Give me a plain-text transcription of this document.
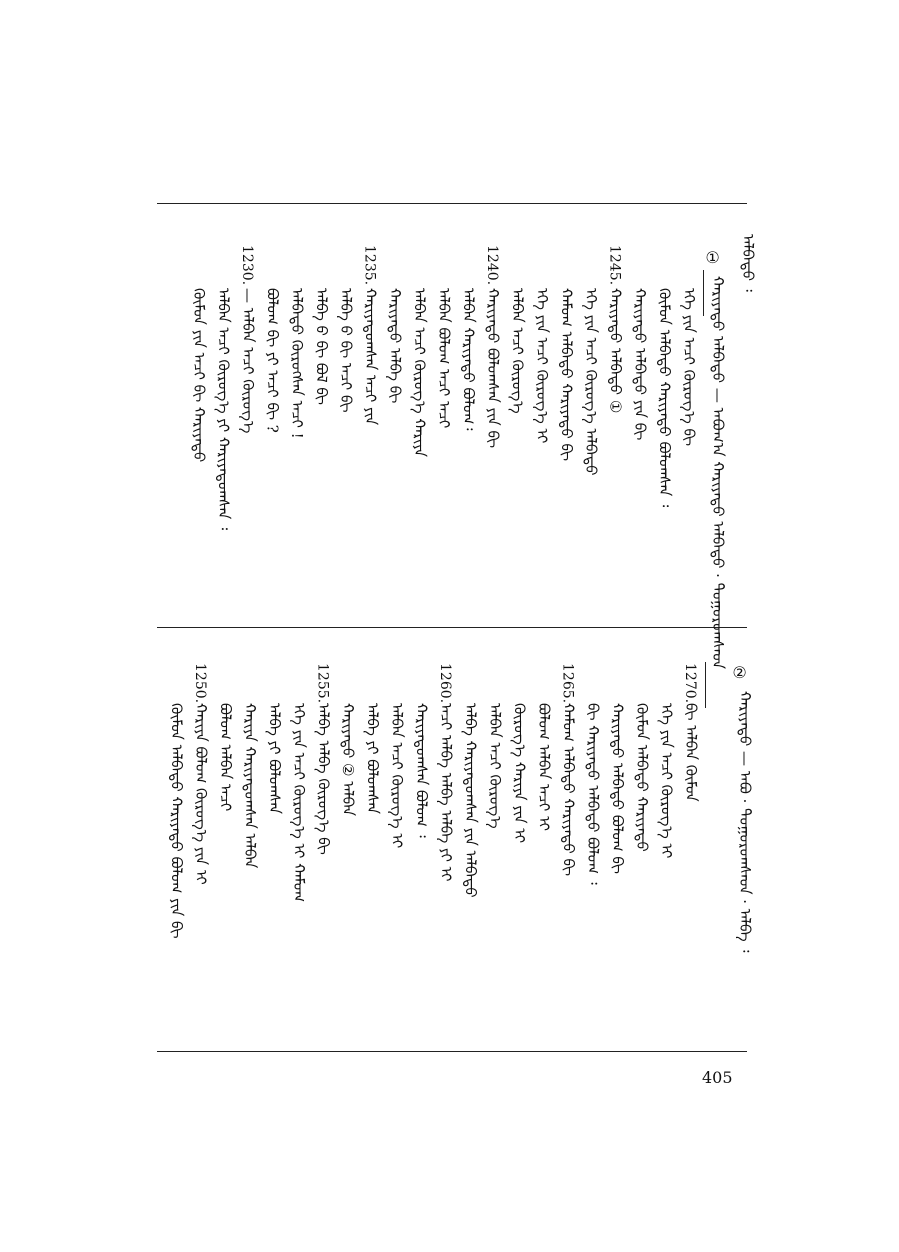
①
ᠬᠠᠷᠢᠶᠠᠲᠤ ᠠᠯᠪᠠᠲᠤ — ᠠᠪᠤᠭ᠎ᠠ ᠬᠠᠷᠢᠶᠠᠲᠤ ᠠᠯᠪᠠᠲᠤ · ᠳᠤᠭᠤᠷᠤᠭᠰᠠᠳ
ᠠᠯᠪᠠᠲᠤ ᠄
ᠡᠬᠡ ᠶᠢᠨ ᠠᠴᠢ ᠬᠦᠷᠦᠭ᠎ᠡ ᠪᠢ
ᠬᠦᠮᠦᠨ ᠠᠯᠪᠠᠲᠤ ᠬᠠᠷᠢᠶᠠᠲᠤ ᠪᠣᠯᠤᠭᠰᠠᠨ ᠄
ᠬᠠᠷᠢᠶᠠᠲᠤ ᠠᠯᠪᠠᠲᠤ ᠶᠢᠨ ᠪᠢ
1245.
ᠬᠠᠷᠢᠶᠠᠲᠤ ᠠᠯᠪᠠᠲᠤ ①
ᠡᠬᠡ ᠶᠢᠨ ᠠᠴᠢ ᠬᠦᠷᠦᠭ᠎ᠡ ᠠᠯᠪᠠᠲᠤ
ᠬᠠᠮᠤᠭ ᠠᠯᠪᠠᠲᠤ ᠬᠠᠷᠢᠶᠠᠲᠤ ᠪᠢ
ᠡᠬᠡ ᠶᠢᠨ ᠠᠴᠢ ᠬᠦᠷᠦᠭ᠎ᠡ ᠢ
ᠠᠯᠪᠠᠨ ᠠᠴᠢ ᠬᠦᠷᠦᠭ᠎ᠡ
1240.
ᠬᠠᠷᠢᠶᠠᠲᠤ ᠪᠣᠯᠤᠭᠰᠠᠨ ᠶᠢᠨ ᠪᠢ
ᠠᠯᠪᠠᠨ ᠬᠠᠷᠢᠶᠠᠲᠤ ᠪᠣᠯᠤᠭ᠄
ᠠᠯᠪᠠᠨ ᠪᠣᠯᠤᠭ ᠠᠴᠢ ᠠᠴᠢ
ᠠᠯᠪᠠᠨ ᠠᠴᠢ ᠬᠦᠷᠦᠭ᠎ᠡ ᠬᠠᠷᠢᠶᠠ
ᠬᠠᠷᠢᠶᠠᠲᠤ ᠠᠯᠪᠠ ᠪᠢ
1235.
ᠬᠠᠷᠢᠶᠠᠲᠤᠭᠰᠠᠨ ᠠᠴᠢ ᠶᠢᠨ
ᠠᠯᠪᠠ ᠪ ᠪᠢ ᠠᠴᠢ ᠪᠢ
ᠠᠯᠪᠠ ᠪ ᠪᠢ ᠪᠣᠯ ᠪᠢ
ᠠᠯᠪᠠᠲᠤ ᠬᠦᠷᠦᠭᠰᠡᠨ ᠠᠴᠢ !
ᠪᠣᠯᠤᠭ ᠪᠢ ᠶᠢ ᠠᠴᠢ ᠪᠢ ?
1230.
— ᠠᠯᠪᠠᠨ ᠠᠴᠢ ᠬᠦᠷᠦᠭ᠎ᠡ
ᠠᠯᠪᠠᠨ ᠠᠴᠢ ᠬᠦᠷᠦᠭ᠎ᠡ ᠶᠢ ᠬᠠᠷᠢᠶᠠᠲᠤᠭᠰᠠᠨ ᠄
ᠬᠦᠮᠦᠨ ᠶᠢᠨ ᠠᠴᠢ ᠪᠢ ᠬᠠᠷᠢᠶᠠᠲᠤ
②
ᠬᠠᠷᠢᠶᠠᠲᠤ — ᠠᠪᠤ · ᠳᠤᠭᠤᠷᠤᠭᠰᠠᠳ · ᠠᠯᠪᠠ ᠄
1270.
ᠪᠢ ᠠᠯᠪᠠᠨ ᠬᠦᠮᠦᠨ
ᠡᠬᠡ ᠶᠢᠨ ᠠᠴᠢ ᠬᠦᠷᠦᠭ᠎ᠡ ᠢ
ᠬᠦᠮᠦᠨ ᠠᠯᠪᠠᠲᠤ ᠬᠠᠷᠢᠶᠠᠲᠤ
ᠬᠠᠷᠢᠶᠠᠲᠤ ᠠᠯᠪᠠᠲᠤ ᠪᠣᠯᠤᠭ ᠪᠢ
ᠪᠢ ᠬᠠᠷᠢᠶᠠᠲᠤ ᠠᠯᠪᠠᠲᠤ ᠪᠣᠯᠤᠭ ᠄
1265.
ᠬᠠᠮᠤᠭ ᠠᠯᠪᠠᠲᠤ ᠬᠠᠷᠢᠶᠠᠲᠤ ᠪᠢ
ᠪᠣᠯᠤᠭ ᠠᠯᠪᠠᠨ ᠠᠴᠢ ᠢ
ᠬᠦᠷᠦᠭ᠎ᠡ ᠬᠠᠷᠢᠶᠠ ᠶᠢᠨ ᠢ
ᠠᠯᠪᠠᠨ ᠠᠴᠢ ᠬᠦᠷᠦᠭ᠎ᠡ
ᠠᠯᠪᠠ ᠬᠠᠷᠢᠶᠠᠲᠤᠭᠰᠠᠨ ᠶᠢᠨ ᠠᠯᠪᠠᠲᠤ
1260.
ᠠᠴᠢ ᠠᠯᠪᠠ ᠠᠯᠪᠠ ᠠᠯᠪᠠ ᠶᠢ ᠢ
ᠬᠠᠷᠢᠶᠠᠲᠤᠭᠰᠠᠨ ᠪᠣᠯᠤᠭ ᠄
ᠠᠯᠪᠠᠨ ᠠᠴᠢ ᠬᠦᠷᠦᠭ᠎ᠡ ᠢ
ᠠᠯᠪᠠ ᠶᠢ ᠪᠣᠯᠤᠭᠰᠠᠨ
ᠬᠠᠷᠢᠶᠠᠲᠤ ② ᠠᠯᠪᠠᠨ
1255.
ᠠᠯᠪᠠ ᠠᠯᠪᠠ ᠬᠦᠷᠦᠭ᠎ᠡ ᠪᠢ
ᠡᠬᠡ ᠶᠢᠨ ᠠᠴᠢ ᠬᠦᠷᠦᠭ᠎ᠡ ᠢ ᠬᠠᠮᠤᠭ
ᠠᠯᠪᠠ ᠶᠢ ᠪᠣᠯᠤᠭᠰᠠᠨ
ᠬᠠᠷᠢᠶᠠ ᠬᠠᠷᠢᠶᠠᠲᠤᠭᠰᠠᠨ ᠠᠯᠪᠠᠨ
ᠪᠣᠯᠤᠭ ᠠᠯᠪᠠᠨ ᠠᠴᠢ
1250.
ᠬᠠᠷᠢᠶᠠ ᠪᠣᠯᠤᠭ ᠬᠦᠷᠦᠭ᠎ᠡ ᠶᠢᠨ ᠢ
ᠬᠦᠮᠦᠨ ᠠᠯᠪᠠᠲᠤ ᠬᠠᠷᠢᠶᠠᠲᠤ ᠪᠣᠯᠤᠭ ᠶᠢᠨ ᠪᠢ
405
